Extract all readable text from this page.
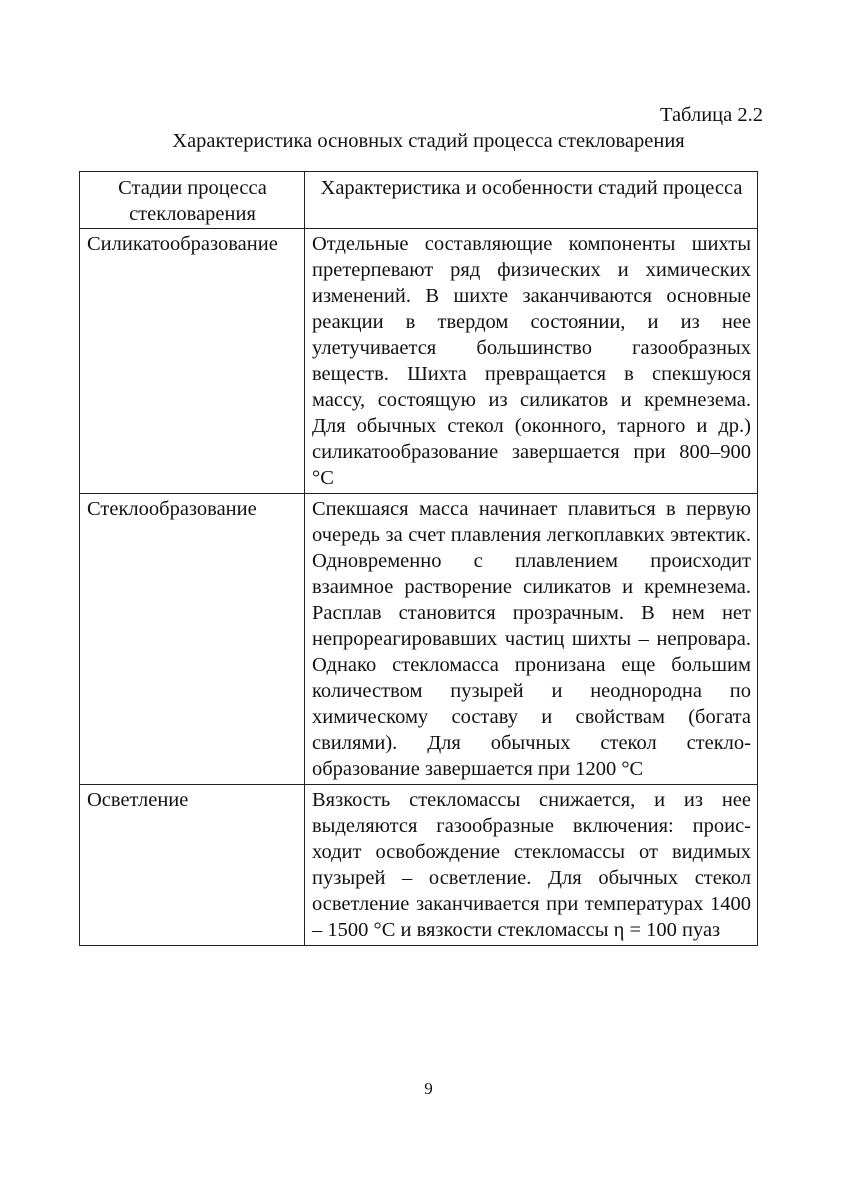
Таблица 2.2
Характеристика основных стадий процесса стекловарения
Стадии процесса стекловарения	Характеристика и особенности стадий процесса
Силикатообразование	Отдельные составляющие компоненты шихты претерпевают ряд физических и химических изменений. В шихте заканчиваются основные реакции в твердом состоянии, и из нее улетучивается большинство газообразных веществ. Шихта превращается в спекшуюся массу, состоящую из силикатов и кремнезема. Для обычных стекол (оконного, тарного и др.) силикатообразование завершается при 800–900 °С
Стеклообразование	Спекшаяся масса начинает плавиться в первую очередь за счет плавления легкоплавких эвтектик. Одновременно с плавлением происходит взаимное растворение силикатов и кремнезема. Расплав становится прозрачным. В нем нет непрореагировавших частиц шихты – непровара. Однако стекломасса пронизана еще большим количеством пузырей и неоднородна по химическому составу и свойствам (богата свилями). Для обычных стекол стеклообразование завершается при 1200 °С
Осветление	Вязкость стекломассы снижается, и из нее выделяются газообразные включения: происходит освобождение стекломассы от видимых пузырей – осветление. Для обычных стекол осветление заканчивается при температурах 1400 – 1500 °С и вязкости стекломассы η = 100 пуаз
9
